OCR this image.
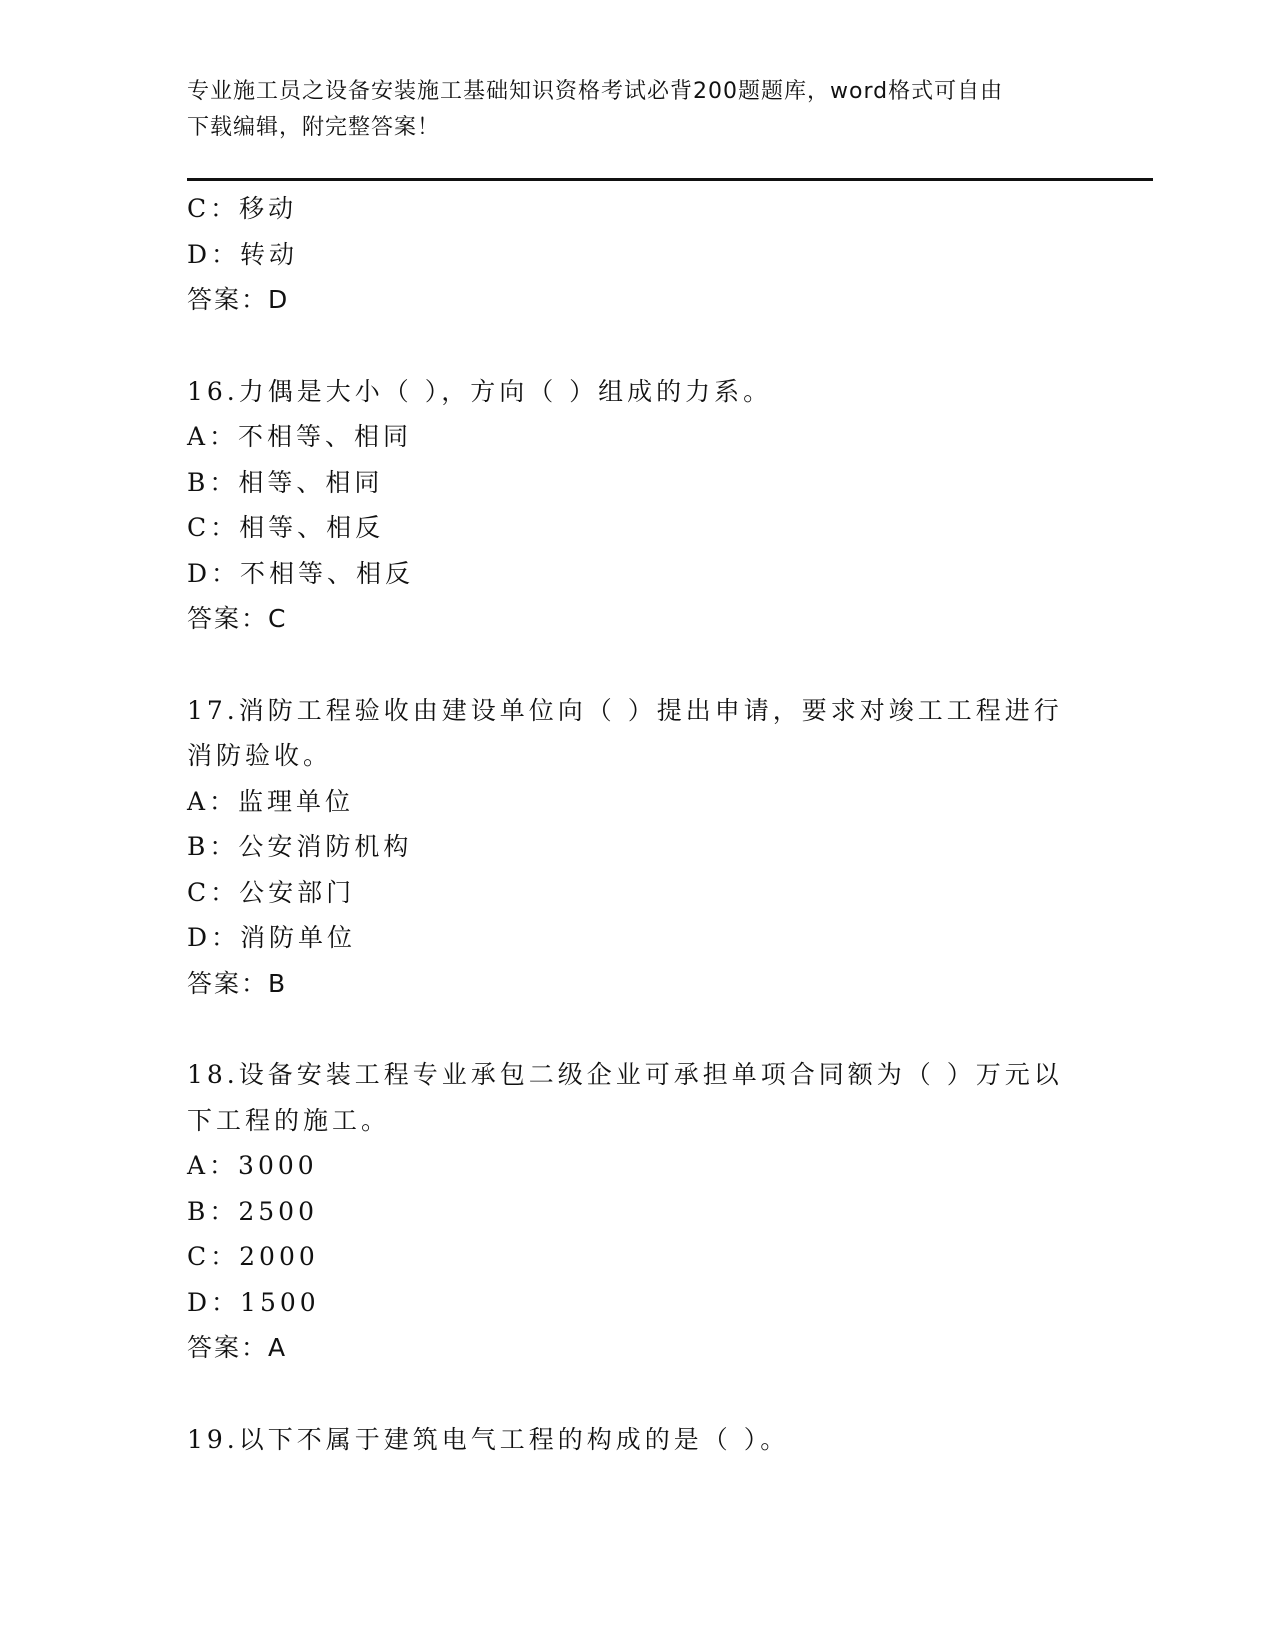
专业施工员之设备安装施工基础知识资格考试必背200题题库，word格式可自由
下载编辑，附完整答案！
C：移动
D：转动
答案：D
16.力偶是大小（ ），方向（ ）组成的力系。
A：不相等、相同
B：相等、相同
C：相等、相反
D：不相等、相反
答案：C
17.消防工程验收由建设单位向（ ）提出申请，要求对竣工工程进行
消防验收。
A：监理单位
B：公安消防机构
C：公安部门
D：消防单位
答案：B
18.设备安装工程专业承包二级企业可承担单项合同额为（ ）万元以
下工程的施工。
A：3000
B：2500
C：2000
D：1500
答案：A
19.以下不属于建筑电气工程的构成的是（ ）。
